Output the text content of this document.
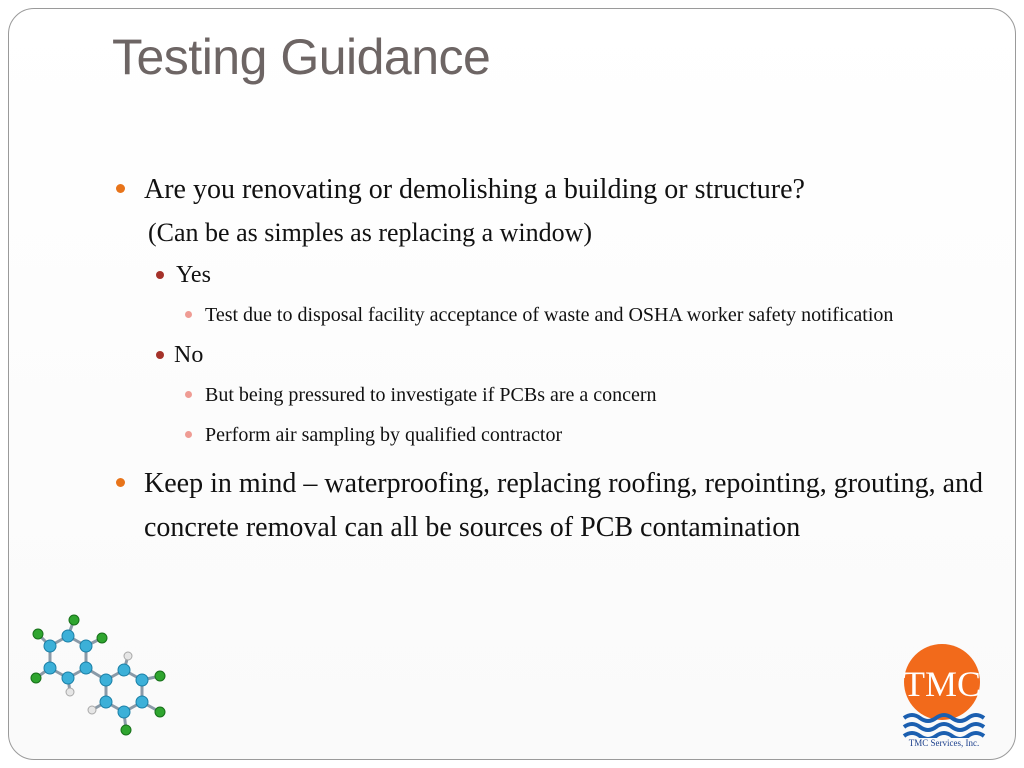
Testing Guidance

Are you renovating or demolishing a building or structure?

(Can be as simples as replacing a window)

Yes

Test due to disposal facility acceptance of waste and OSHA worker safety notification

No

But being pressured to investigate if PCBs are a concern

Perform air sampling by qualified contractor

Keep in mind – waterproofing, replacing roofing, repointing, grouting, and concrete removal can all be sources of PCB contamination

TMC
TMC Services, Inc.
